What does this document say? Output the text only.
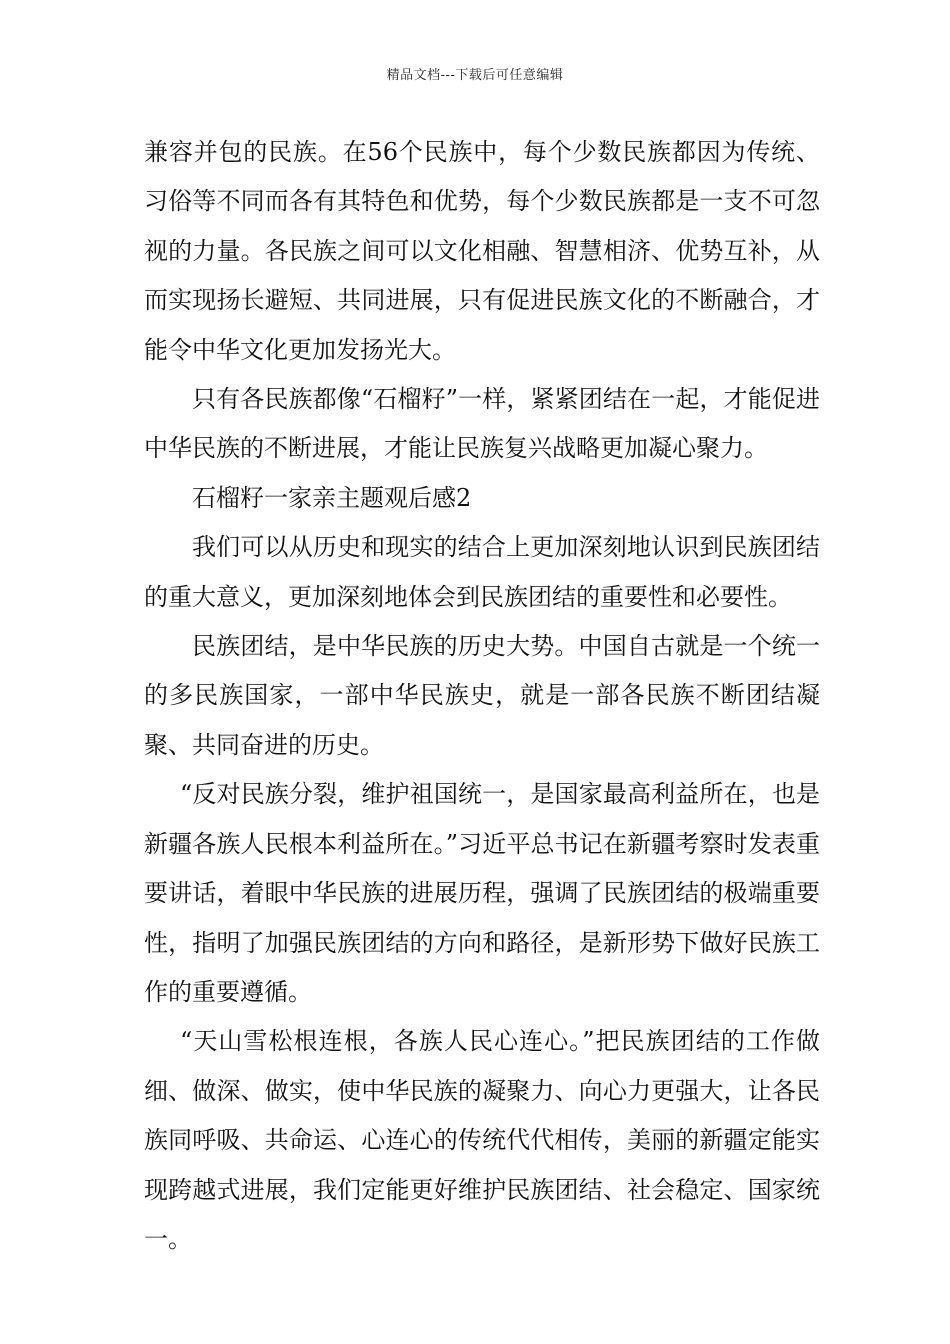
精品文档---下载后可任意编辑

兼容并包的民族。在56个民族中，每个少数民族都因为传统、习俗等不同而各有其特色和优势，每个少数民族都是一支不可忽视的力量。各民族之间可以文化相融、智慧相济、优势互补，从而实现扬长避短、共同进展，只有促进民族文化的不断融合，才能令中华文化更加发扬光大。

只有各民族都像“石榴籽”一样，紧紧团结在一起，才能促进中华民族的不断进展，才能让民族复兴战略更加凝心聚力。

石榴籽一家亲主题观后感2

我们可以从历史和现实的结合上更加深刻地认识到民族团结的重大意义，更加深刻地体会到民族团结的重要性和必要性。

民族团结，是中华民族的历史大势。中国自古就是一个统一的多民族国家，一部中华民族史，就是一部各民族不断团结凝聚、共同奋进的历史。

“反对民族分裂，维护祖国统一，是国家最高利益所在，也是新疆各族人民根本利益所在。”习近平总书记在新疆考察时发表重要讲话，着眼中华民族的进展历程，强调了民族团结的极端重要性，指明了加强民族团结的方向和路径，是新形势下做好民族工作的重要遵循。

“天山雪松根连根，各族人民心连心。”把民族团结的工作做细、做深、做实，使中华民族的凝聚力、向心力更强大，让各民族同呼吸、共命运、心连心的传统代代相传，美丽的新疆定能实现跨越式进展，我们定能更好维护民族团结、社会稳定、国家统一。
